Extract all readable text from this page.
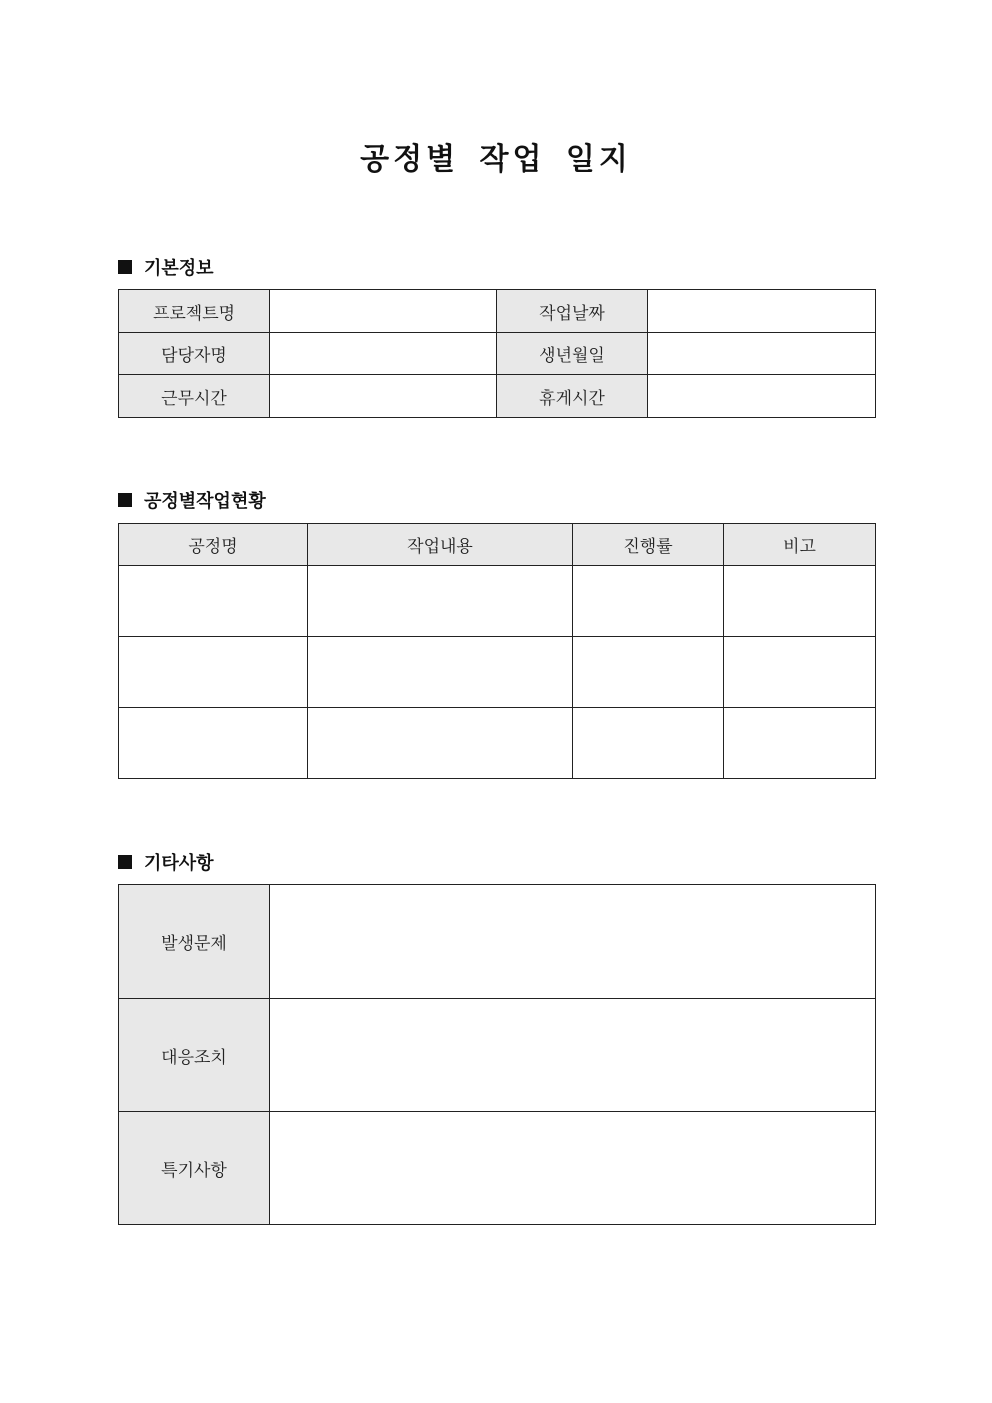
공정별 작업 일지
기본정보
프로젝트명		작업날짜	
담당자명		생년월일	
근무시간		휴게시간	
공정별작업현황
공정명	작업내용	진행률	비고

기타사항
발생문제	
대응조치	
특기사항	
